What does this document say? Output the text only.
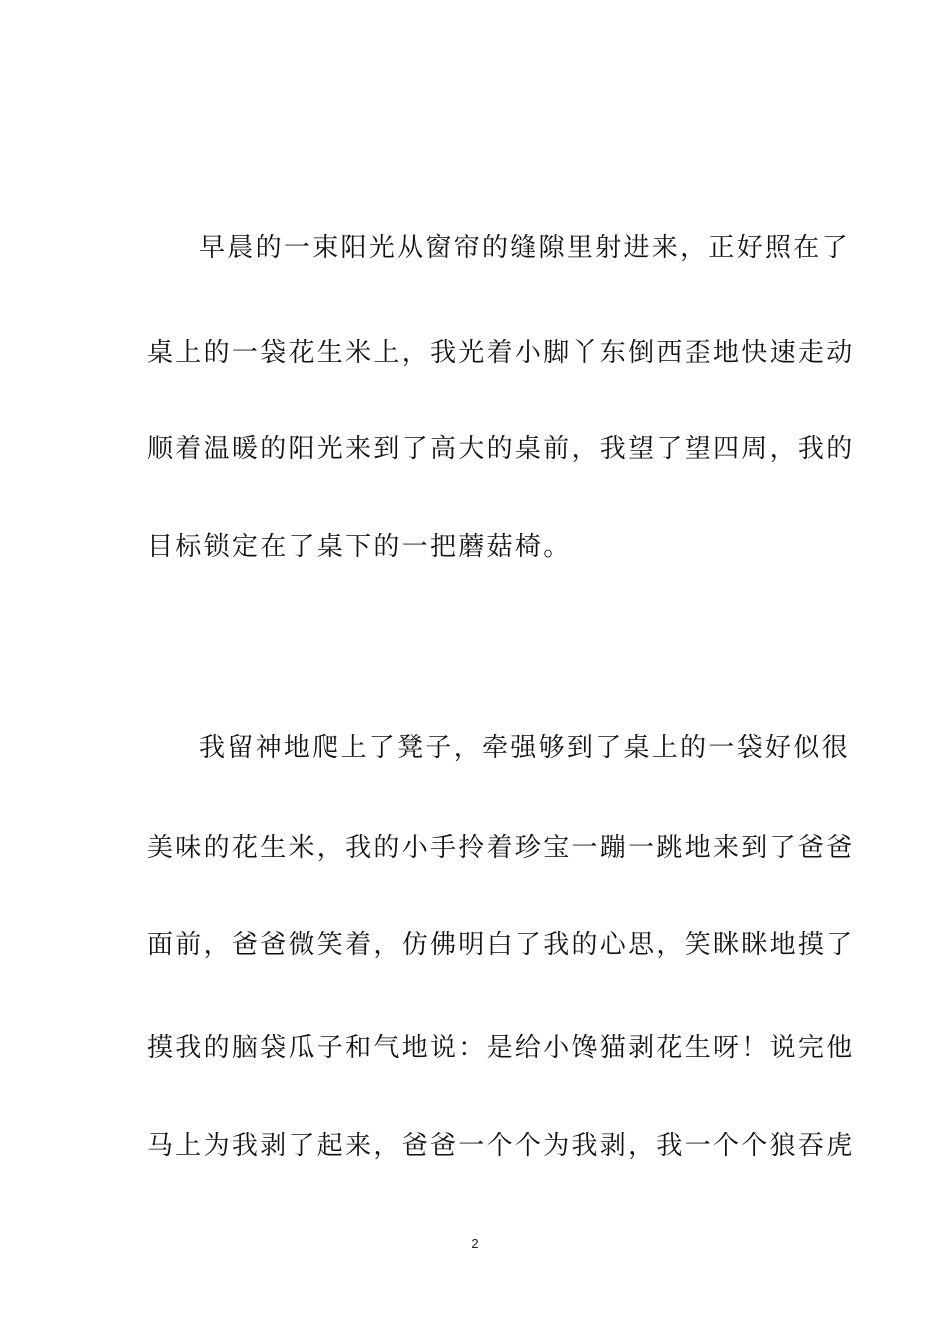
早晨的一束阳光从窗帘的缝隙里射进来，正好照在了
桌上的一袋花生米上，我光着小脚丫东倒西歪地快速走动
顺着温暖的阳光来到了高大的桌前，我望了望四周，我的
目标锁定在了桌下的一把蘑菇椅。
我留神地爬上了凳子，牵强够到了桌上的一袋好似很
美味的花生米，我的小手拎着珍宝一蹦一跳地来到了爸爸
面前，爸爸微笑着，仿佛明白了我的心思，笑眯眯地摸了
摸我的脑袋瓜子和气地说：是给小馋猫剥花生呀！说完他
马上为我剥了起来，爸爸一个个为我剥，我一个个狼吞虎
2
